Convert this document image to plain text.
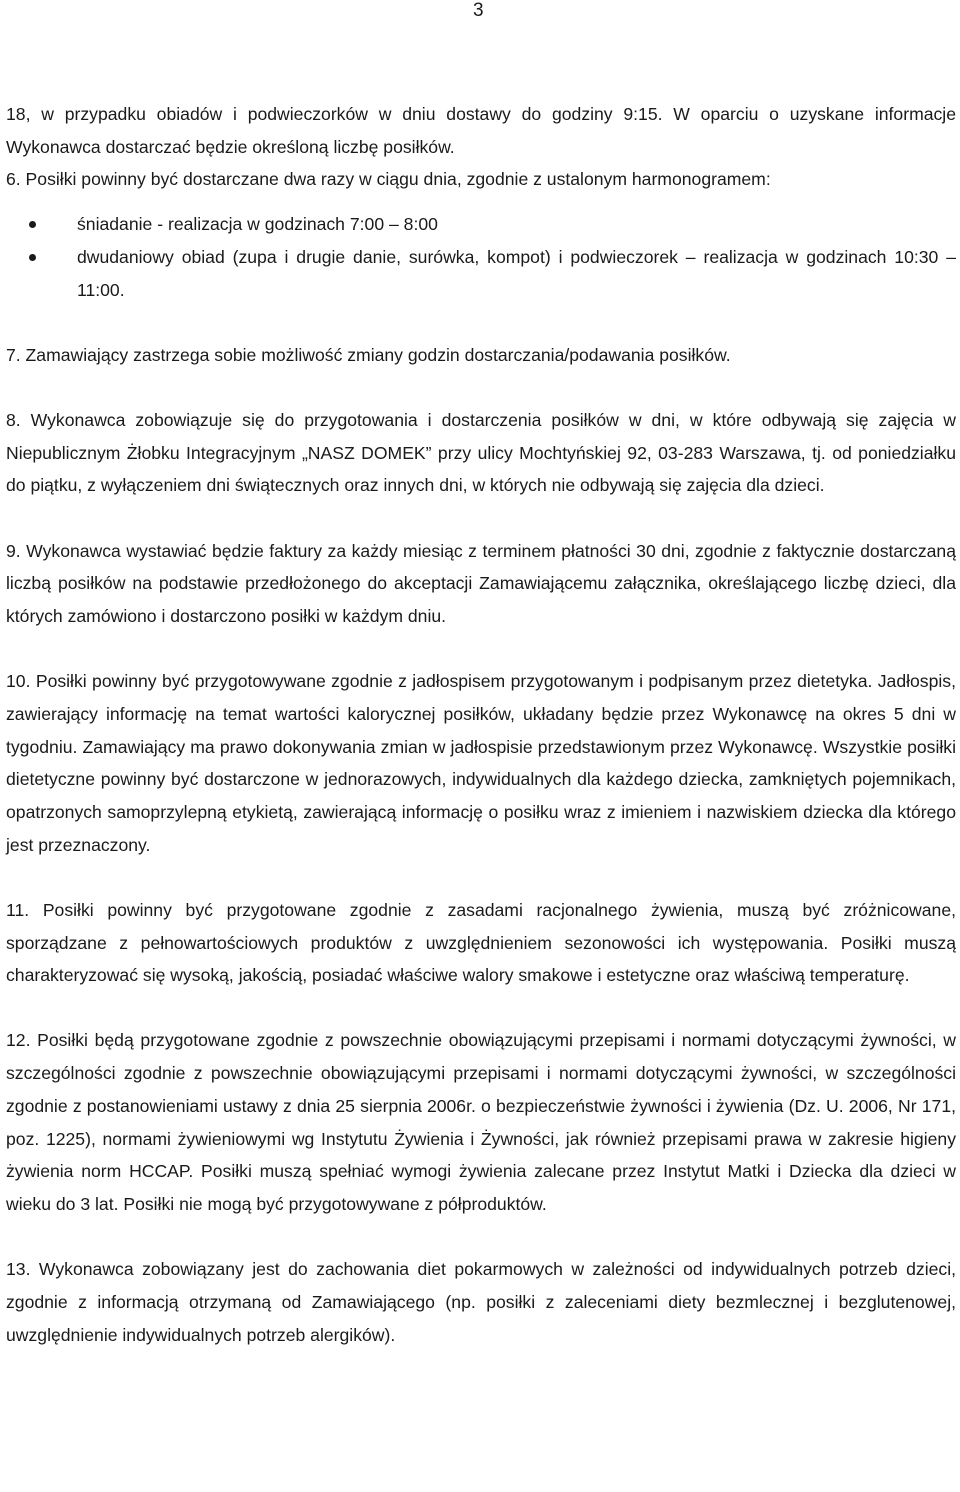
3

18, w przypadku obiadów i podwieczorków w dniu dostawy do godziny 9:15. W oparciu o uzyskane informacje Wykonawca dostarczać będzie określoną liczbę posiłków.

6. Posiłki powinny być dostarczane dwa razy w ciągu dnia, zgodnie z ustalonym harmonogramem:

śniadanie - realizacja w godzinach 7:00 – 8:00
dwudaniowy obiad (zupa i drugie danie, surówka, kompot) i podwieczorek – realizacja w godzinach 10:30 – 11:00.

7. Zamawiający zastrzega sobie możliwość zmiany godzin dostarczania/podawania posiłków.

8. Wykonawca zobowiązuje się do przygotowania i dostarczenia posiłków w dni, w które odbywają się zajęcia w Niepublicznym Żłobku Integracyjnym „NASZ DOMEK” przy ulicy Mochtyńskiej 92, 03-283 Warszawa, tj. od poniedziałku do piątku, z wyłączeniem dni świątecznych oraz innych dni, w których nie odbywają się zajęcia dla dzieci.

9. Wykonawca wystawiać będzie faktury za każdy miesiąc z terminem płatności 30 dni, zgodnie z faktycznie dostarczaną liczbą posiłków na podstawie przedłożonego do akceptacji Zamawiającemu załącznika, określającego liczbę dzieci, dla których zamówiono i dostarczono posiłki w każdym dniu.

10. Posiłki powinny być przygotowywane zgodnie z jadłospisem przygotowanym i podpisanym przez dietetyka. Jadłospis, zawierający informację na temat wartości kalorycznej posiłków, układany będzie przez Wykonawcę na okres 5 dni w tygodniu. Zamawiający ma prawo dokonywania zmian w jadłospisie przedstawionym przez Wykonawcę. Wszystkie posiłki dietetyczne powinny być dostarczone w jednorazowych, indywidualnych dla każdego dziecka, zamkniętych pojemnikach, opatrzonych samoprzylepną etykietą, zawierającą informację o posiłku wraz z imieniem i nazwiskiem dziecka dla którego jest przeznaczony.

11. Posiłki powinny być przygotowane zgodnie z zasadami racjonalnego żywienia, muszą być zróżnicowane, sporządzane z pełnowartościowych produktów z uwzględnieniem sezonowości ich występowania. Posiłki muszą charakteryzować się wysoką, jakością, posiadać właściwe walory smakowe i estetyczne oraz właściwą temperaturę.

12. Posiłki będą przygotowane zgodnie z powszechnie obowiązującymi przepisami i normami dotyczącymi żywności, w szczególności zgodnie z powszechnie obowiązującymi przepisami i normami dotyczącymi żywności, w szczególności zgodnie z postanowieniami ustawy z dnia 25 sierpnia 2006r. o bezpieczeństwie żywności i żywienia (Dz. U. 2006, Nr 171, poz. 1225), normami żywieniowymi wg Instytutu Żywienia i Żywności, jak również przepisami prawa w zakresie higieny żywienia norm HCCAP. Posiłki muszą spełniać wymogi żywienia zalecane przez Instytut Matki i Dziecka dla dzieci w wieku do 3 lat. Posiłki nie mogą być przygotowywane z półproduktów.

13. Wykonawca zobowiązany jest do zachowania diet pokarmowych w zależności od indywidualnych potrzeb dzieci, zgodnie z informacją otrzymaną od Zamawiającego (np. posiłki z zaleceniami diety bezmlecznej i bezglutenowej, uwzględnienie indywidualnych potrzeb alergików).
